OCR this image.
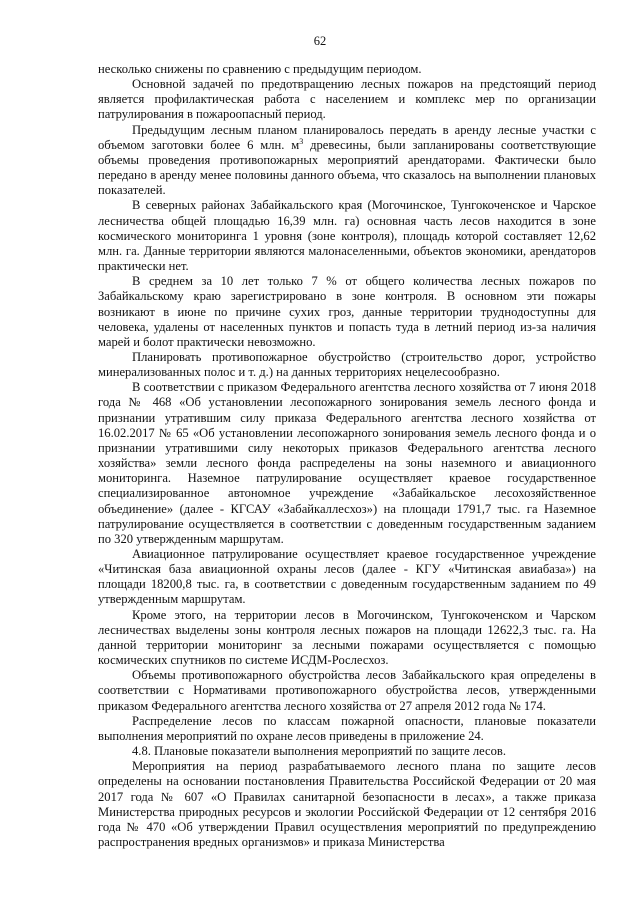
62

несколько снижены по сравнению с предыдущим периодом.

Основной задачей по предотвращению лесных пожаров на предстоящий период является профилактическая работа с населением и комплекс мер по организации патрулирования в пожароопасный период.

Предыдущим лесным планом планировалось передать в аренду лесные участки с объемом заготовки более 6 млн. $м^3$ древесины, были запланированы соответствующие объемы проведения противопожарных мероприятий арендаторами. Фактически было передано в аренду менее половины данного объема, что сказалось на выполнении плановых показателей.

В северных районах Забайкальского края (Могочинское, Тунгокоченское и Чарское лесничества общей площадью 16,39 млн. га) основная часть лесов находится в зоне космического мониторинга 1 уровня (зоне контроля), площадь которой составляет 12,62 млн. га. Данные территории являются малонаселенными, объектов экономики, арендаторов практически нет.

В среднем за 10 лет только 7 % от общего количества лесных пожаров по Забайкальскому краю зарегистрировано в зоне контроля. В основном эти пожары возникают в июне по причине сухих гроз, данные территории труднодоступны для человека, удалены от населенных пунктов и попасть туда в летний период из-за наличия марей и болот практически невозможно.

Планировать противопожарное обустройство (строительство дорог, устройство минерализованных полос и т. д.) на данных территориях нецелесообразно.

В соответствии с приказом Федерального агентства лесного хозяйства от 7 июня 2018 года № 468 «Об установлении лесопожарного зонирования земель лесного фонда и признании утратившим силу приказа Федерального агентства лесного хозяйства от 16.02.2017 № 65 «Об установлении лесопожарного зонирования земель лесного фонда и о признании утратившими силу некоторых приказов Федерального агентства лесного хозяйства» земли лесного фонда распределены на зоны наземного и авиационного мониторинга. Наземное патрулирование осуществляет краевое государственное специализированное автономное учреждение «Забайкальское лесохозяйственное объединение» (далее - КГСАУ «Забайкаллесхоз») на площади 1791,7 тыс. га Наземное патрулирование осуществляется в соответствии с доведенным государственным заданием по 320 утвержденным маршрутам.

Авиационное патрулирование осуществляет краевое государственное учреждение «Читинская база авиационной охраны лесов (далее - КГУ «Читинская авиабаза») на площади 18200,8 тыс. га, в соответствии с доведенным государственным заданием по 49 утвержденным маршрутам.

Кроме этого, на территории лесов в Могочинском, Тунгокоченском и Чарском лесничествах выделены зоны контроля лесных пожаров на площади 12622,3 тыс. га. На данной территории мониторинг за лесными пожарами осуществляется с помощью космических спутников по системе ИСДМ-Рослесхоз.

Объемы противопожарного обустройства лесов Забайкальского края определены в соответствии с Нормативами противопожарного обустройства лесов, утвержденными приказом Федерального агентства лесного хозяйства от 27 апреля 2012 года № 174.

Распределение лесов по классам пожарной опасности, плановые показатели выполнения мероприятий по охране лесов приведены в приложение 24.

4.8. Плановые показатели выполнения мероприятий по защите лесов.

Мероприятия на период разрабатываемого лесного плана по защите лесов определены на основании постановления Правительства Российской Федерации от 20 мая 2017 года № 607 «О Правилах санитарной безопасности в лесах», а также приказа Министерства природных ресурсов и экологии Российской Федерации от 12 сентября 2016 года № 470 «Об утверждении Правил осуществления мероприятий по предупреждению распространения вредных организмов» и приказа Министерства
